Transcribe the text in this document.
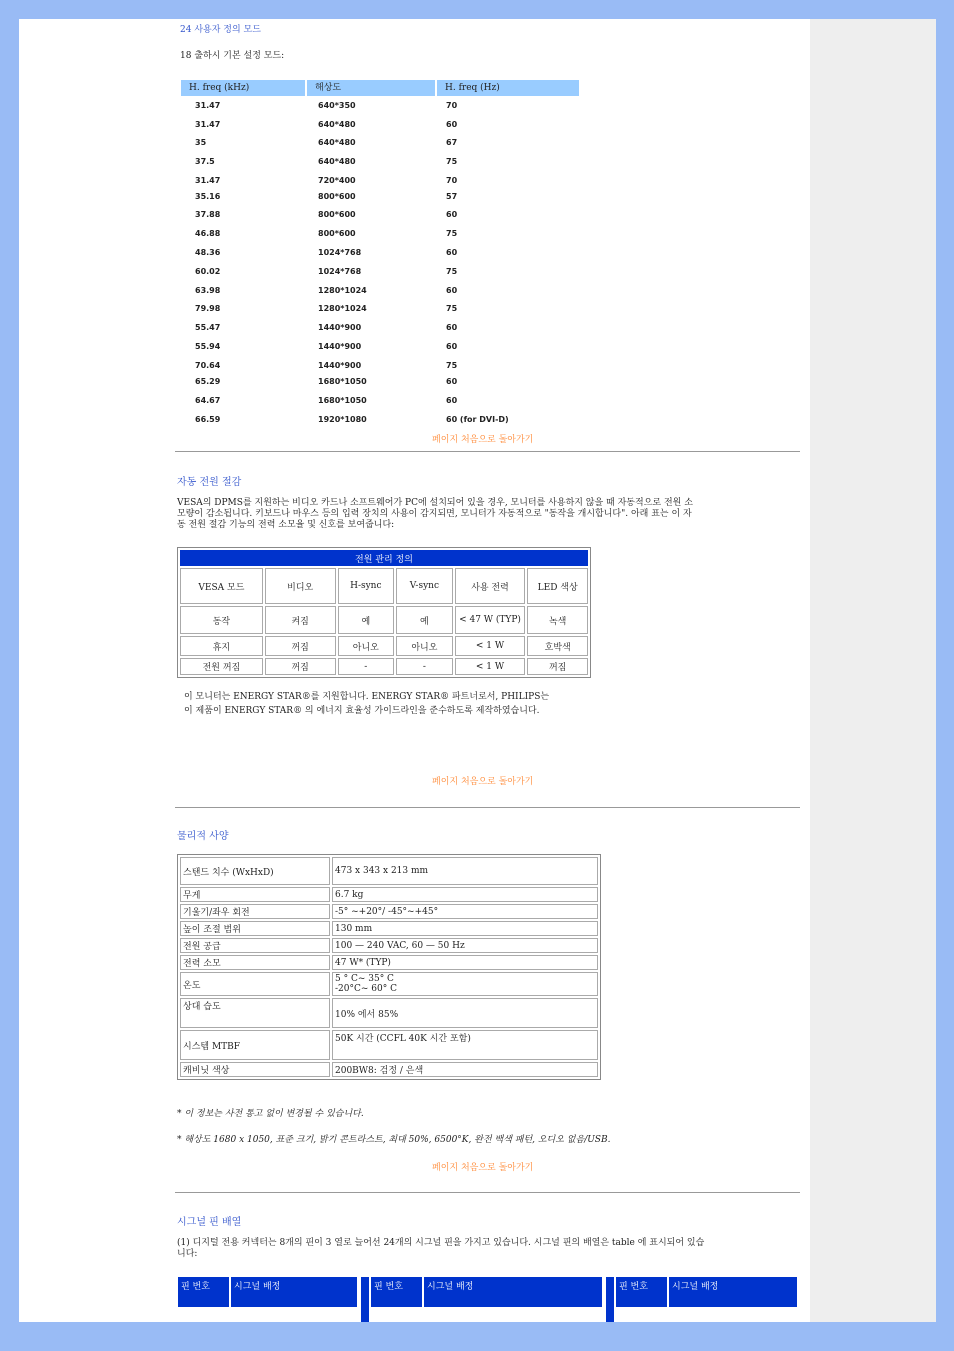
24 사용자 정의 모드
18 출하시 기본 설정 모드:
H. freq (kHz)	해상도	H. freq (Hz)
31.47	640*350	70
31.47	640*480	60
35	640*480	67
37.5	640*480	75
31.47	720*400	70
35.16	800*600	57
37.88	800*600	60
46.88	800*600	75
48.36	1024*768	60
60.02	1024*768	75
63.98	1280*1024	60
79.98	1280*1024	75
55.47	1440*900	60
55.94	1440*900	60
70.64	1440*900	75
65.29	1680*1050	60
64.67	1680*1050	60
66.59	1920*1080	60 (for DVI-D)
페이지 처음으로 돌아가기
자동 전원 절감
VESA의 DPMS를 지원하는 비디오 카드나 소프트웨어가 PC에 설치되어 있을 경우, 모니터를 사용하지 않을 때 자동적으로 전원 소모량이 감소됩니다. 키보드나 마우스 등의 입력 장치의 사용이 감지되면, 모니터가 자동적으로 "동작을 개시합니다". 아래 표는 이 자동 전원 절감 기능의 전력 소모율 및 신호를 보여줍니다:
전원 관리 정의					
VESA 모드	비디오	H-sync	V-sync	사용 전력	LED 색상
동작	켜짐	예	예	< 47 W (TYP)	녹색
휴지	꺼짐	아니오	아니오	< 1 W	호박색
전원 꺼짐	꺼짐	-	-	< 1 W	꺼짐
이 모니터는 ENERGY STAR®를 지원합니다. ENERGY STAR® 파트너로서, PHILIPS는
이 제품이 ENERGY STAR® 의 에너지 효율성 가이드라인을 준수하도록 제작하였습니다.
페이지 처음으로 돌아가기
물리적 사양
스탠드 치수 (WxHxD)	473 x 343 x 213 mm
무게	6.7 kg
기울기/좌우 회전	-5° ~+20°/ -45°~+45°
높이 조절 범위	130 mm
전원 공급	100 — 240 VAC, 60 — 50 Hz
전력 소모	47 W* (TYP)
온도	5 ° C~ 35° C
-20°C~ 60° C
상대 습도	10% 에서 85%
시스템 MTBF	50K 시간 (CCFL 40K 시간 포함)
캐비닛 색상	200BW8: 검정 / 은색
* 이 정보는 사전 통고 없이 변경될 수 있습니다.
* 해상도 1680 x 1050, 표준 크기, 밝기 콘트라스트, 최대 50%, 6500°K, 완전 백색 패턴, 오디오 없음/USB.
페이지 처음으로 돌아가기
시그널 핀 배열
(1) 디지털 전용 커넥터는 8개의 핀이 3 열로 늘어선 24개의 시그널 핀을 가지고 있습니다. 시그널 핀의 배열은 table 에 표시되어 있습니다:
핀 번호	시그널 배정	핀 번호	시그널 배정	핀 번호	시그널 배정
